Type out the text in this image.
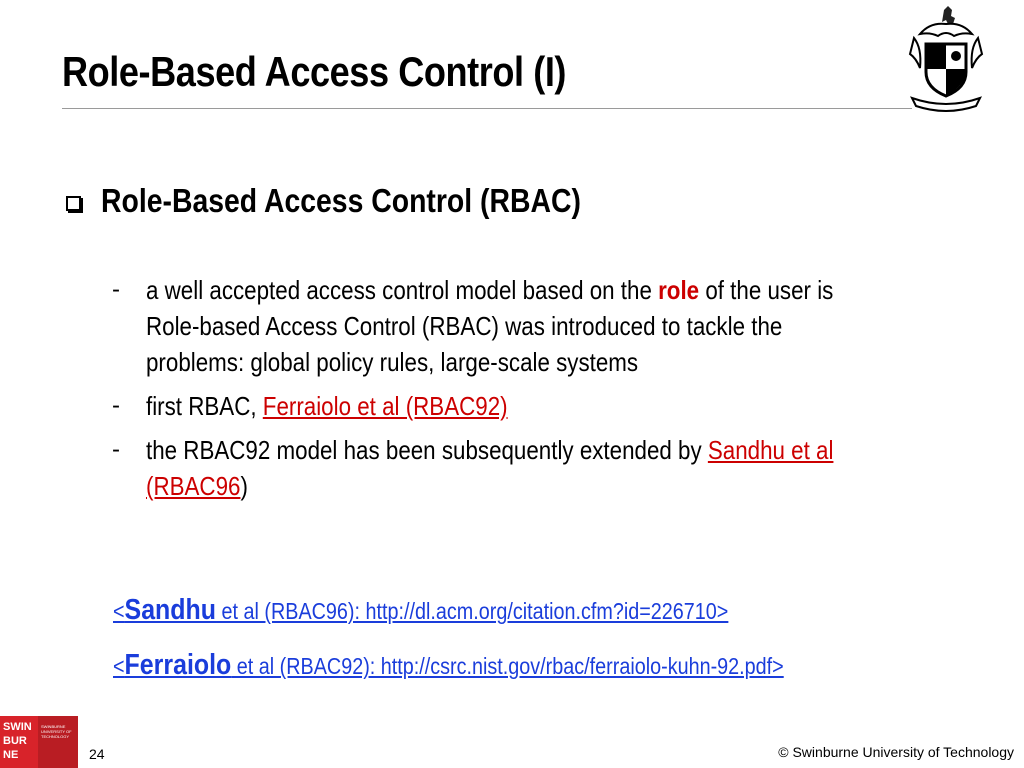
Role-Based Access Control (I)
Role-Based Access Control (RBAC)
-	a well accepted access control model based on the role of the user is Role-based Access Control (RBAC) was introduced to tackle the problems: global policy rules, large-scale systems
-	first RBAC, Ferraiolo et al (RBAC92)
-	the RBAC92 model has been subsequently extended by Sandhu et al (RBAC96)
<Sandhu et al (RBAC96): http://dl.acm.org/citation.cfm?id=226710>
<Ferraiolo et al (RBAC92): http://csrc.nist.gov/rbac/ferraiolo-kuhn-92.pdf>
SWIN
BUR
NE
SWINBURNE UNIVERSITY OF TECHNOLOGY
24	© Swinburne University of Technology
